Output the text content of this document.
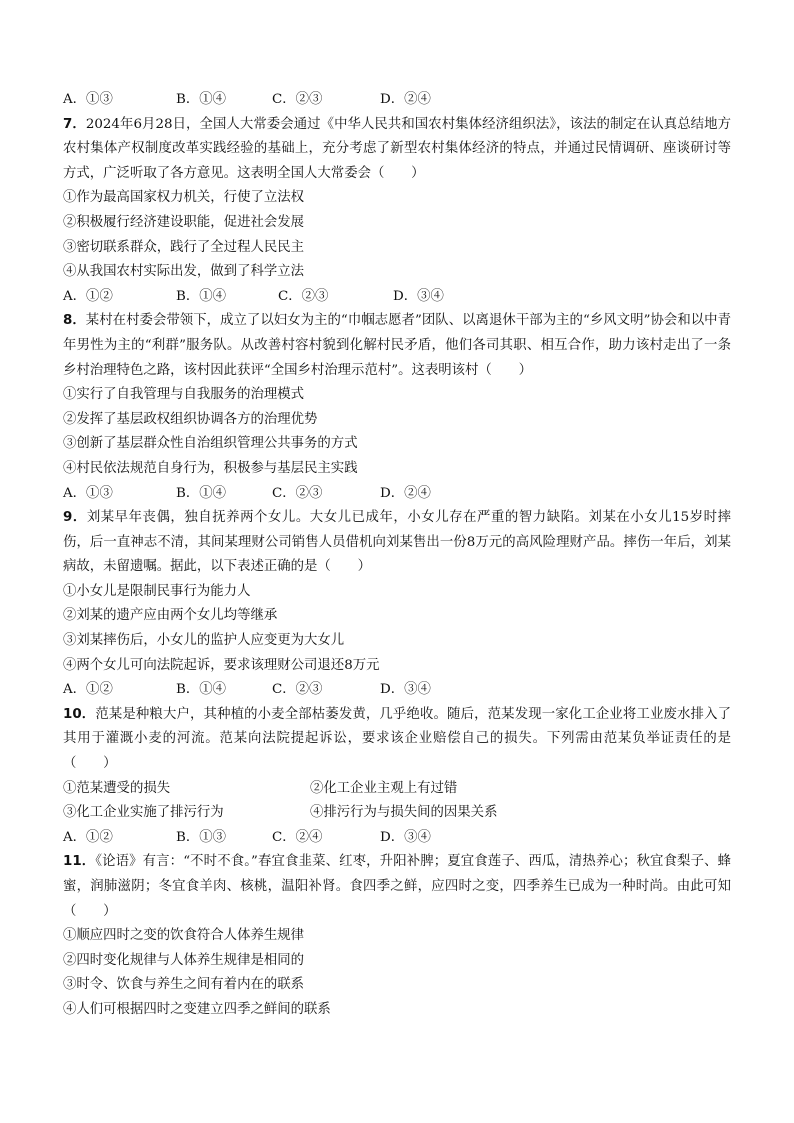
A．①③	B．①④	C．②③	D．②④

7．2024年6月28日，全国人大常委会通过《中华人民共和国农村集体经济组织法》，该法的制定在认真总结地方农村集体产权制度改革实践经验的基础上，充分考虑了新型农村集体经济的特点，并通过民情调研、座谈研讨等方式，广泛听取了各方意见。这表明全国人大常委会（　　）

①作为最高国家权力机关，行使了立法权

②积极履行经济建设职能，促进社会发展

③密切联系群众，践行了全过程人民民主

④从我国农村实际出发，做到了科学立法

A．①②	B．①④	C．②③	D．③④

8．某村在村委会带领下，成立了以妇女为主的“巾帼志愿者”团队、以离退休干部为主的“乡风文明”协会和以中青年男性为主的“利群”服务队。从改善村容村貌到化解村民矛盾，他们各司其职、相互合作，助力该村走出了一条乡村治理特色之路，该村因此获评“全国乡村治理示范村”。这表明该村（　　）

①实行了自我管理与自我服务的治理模式

②发挥了基层政权组织协调各方的治理优势

③创新了基层群众性自治组织管理公共事务的方式

④村民依法规范自身行为，积极参与基层民主实践

A．①③	B．①④	C．②③	D．②④

9．刘某早年丧偶，独自抚养两个女儿。大女儿已成年，小女儿存在严重的智力缺陷。刘某在小女儿15岁时摔伤，后一直神志不清，其间某理财公司销售人员借机向刘某售出一份8万元的高风险理财产品。摔伤一年后，刘某病故，未留遗嘱。据此，以下表述正确的是（　　）

①小女儿是限制民事行为能力人

②刘某的遗产应由两个女儿均等继承

③刘某摔伤后，小女儿的监护人应变更为大女儿

④两个女儿可向法院起诉，要求该理财公司退还8万元

A．①②	B．①④	C．②③	D．③④

10．范某是种粮大户，其种植的小麦全部枯萎发黄，几乎绝收。随后，范某发现一家化工企业将工业废水排入了其用于灌溉小麦的河流。范某向法院提起诉讼，要求该企业赔偿自己的损失。下列需由范某负举证责任的是（　　）

①范某遭受的损失	②化工企业主观上有过错
③化工企业实施了排污行为	④排污行为与损失间的因果关系
A．①②	B．①③	C．②④	D．③④

11．《论语》有言：“不时不食。”春宜食韭菜、红枣，升阳补脾；夏宜食莲子、西瓜，清热养心；秋宜食梨子、蜂蜜，润肺滋阴；冬宜食羊肉、核桃，温阳补肾。食四季之鲜，应四时之变，四季养生已成为一种时尚。由此可知（　　）

①顺应四时之变的饮食符合人体养生规律

②四时变化规律与人体养生规律是相同的

③时令、饮食与养生之间有着内在的联系

④人们可根据四时之变建立四季之鲜间的联系
